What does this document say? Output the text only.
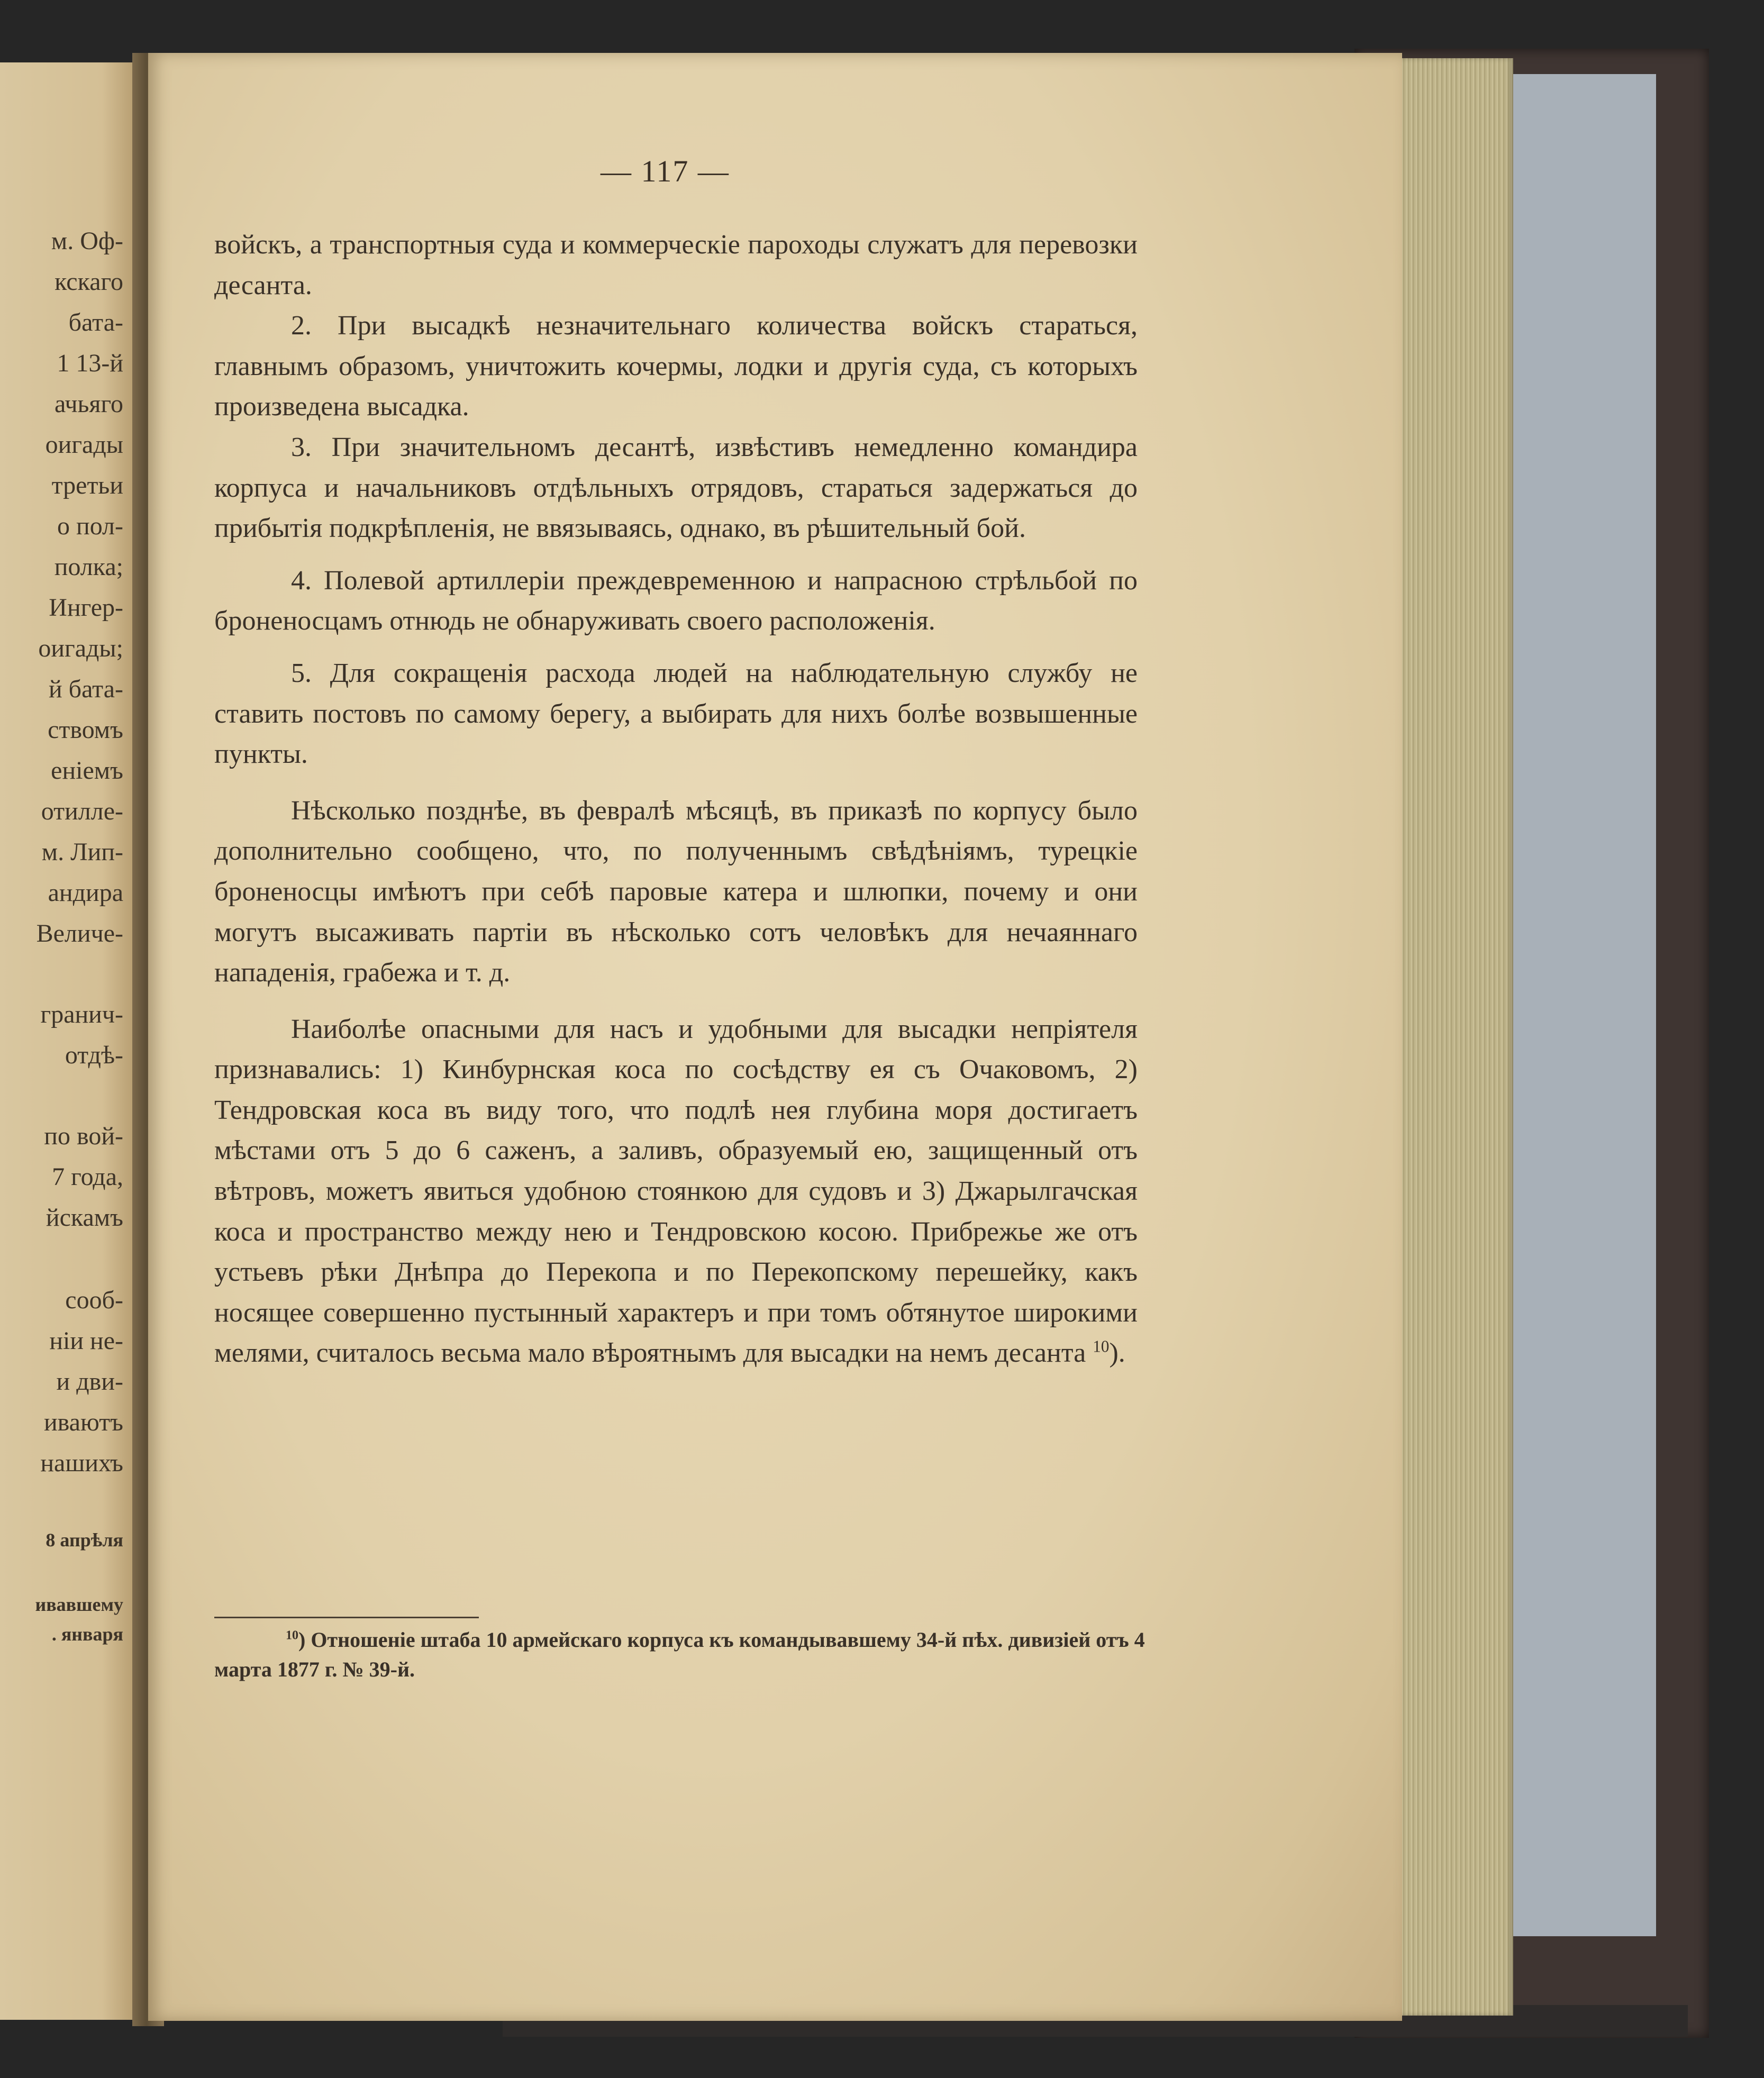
м. Оф-
кскаго
бата-
1 13-й
ачьяго
оигады
третьи
о пол-
полка;
Ингер-
оигады;
й бата-
ствомъ
еніемъ
отилле-
м. Лип-
андира
Величе-
гранич-
отдѣ-
по вой-
7 года,
йскамъ
сооб-
ніи не-
и дви-
иваютъ
нашихъ
8 апрѣля
ивавшему
. января
— 117 —

войскъ, а транспортныя суда и коммерческіе пароходы служатъ для перевозки десанта.

2. При высадкѣ незначительнаго количества войскъ стараться, главнымъ образомъ, уничтожить кочермы, лодки и другія суда, съ которыхъ произведена высадка.

3. При значительномъ десантѣ, извѣстивъ немедленно командира корпуса и начальниковъ отдѣльныхъ отрядовъ, стараться задержаться до прибытія подкрѣпленія, не ввязываясь, однако, въ рѣшительный бой.

4. Полевой артиллеріи преждевременною и напрасною стрѣльбой по броненосцамъ отнюдь не обнаруживать своего расположенія.

5. Для сокращенія расхода людей на наблюдательную службу не ставить постовъ по самому берегу, а выбирать для нихъ болѣе возвышенные пункты.

Нѣсколько позднѣе, въ февралѣ мѣсяцѣ, въ приказѣ по корпусу было дополнительно сообщено, что, по полученнымъ свѣдѣніямъ, турецкіе броненосцы имѣютъ при себѣ паровые катера и шлюпки, почему и они могутъ высаживать партіи въ нѣсколько сотъ человѣкъ для нечаяннаго нападенія, грабежа и т. д.

Наиболѣе опасными для насъ и удобными для высадки непріятеля признавались: 1) Кинбурнская коса по сосѣдству ея съ Очаковомъ, 2) Тендровская коса въ виду того, что подлѣ нея глубина моря достигаетъ мѣстами отъ 5 до 6 саженъ, а заливъ, образуемый ею, защищенный отъ вѣтровъ, можетъ явиться удобною стоянкою для судовъ и 3) Джарылгачская коса и пространство между нею и Тендровскою косою. Прибрежье же отъ устьевъ рѣки Днѣпра до Перекопа и по Перекопскому перешейку, какъ носящее совершенно пустынный характеръ и при томъ обтянутое широкими мелями, считалось весьма мало вѣроятнымъ для высадки на немъ десанта $^{10}$).

$^{10}$) Отношеніе штаба 10 армейскаго корпуса къ командывавшему 34-й пѣх. дивизіей отъ 4 марта 1877 г. № 39-й.
